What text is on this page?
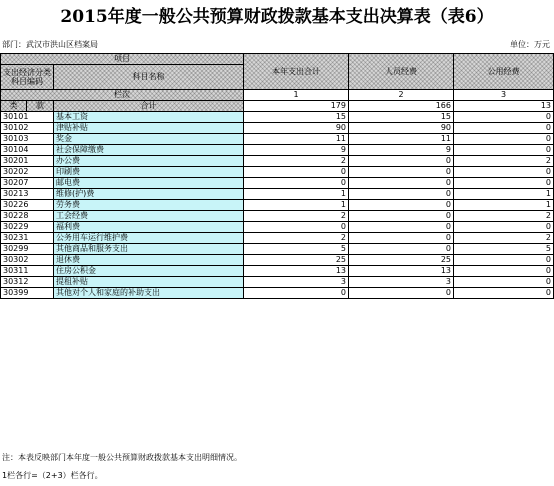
2015年度一般公共预算财政拨款基本支出决算表（表6）
部门：武汉市洪山区档案局	单位：万元
项目			本年支出合计	人员经费	公用经费
支出经济分类科目编码		科目名称			

栏次			1	2	3
类	款	合计	179	166	13
30101		基本工资	15	15	0
30102		津贴补贴	90	90	0
30103		奖金	11	11	0
30104		社会保障缴费	9	9	0
30201		办公费	2	0	2
30202		印刷费	0	0	0
30207		邮电费	0	0	0
30213		维修(护)费	1	0	1
30226		劳务费	1	0	1
30228		工会经费	2	0	2
30229		福利费	0	0	0
30231		公务用车运行维护费	2	0	2
30299		其他商品和服务支出	5	0	5
30302		退休费	25	25	0
30311		住房公积金	13	13	0
30312		提租补贴	3	3	0
30399		其他对个人和家庭的补助支出	0	0	0
注：本表反映部门本年度一般公共预算财政拨款基本支出明细情况。
1栏各行=（2+3）栏各行。
